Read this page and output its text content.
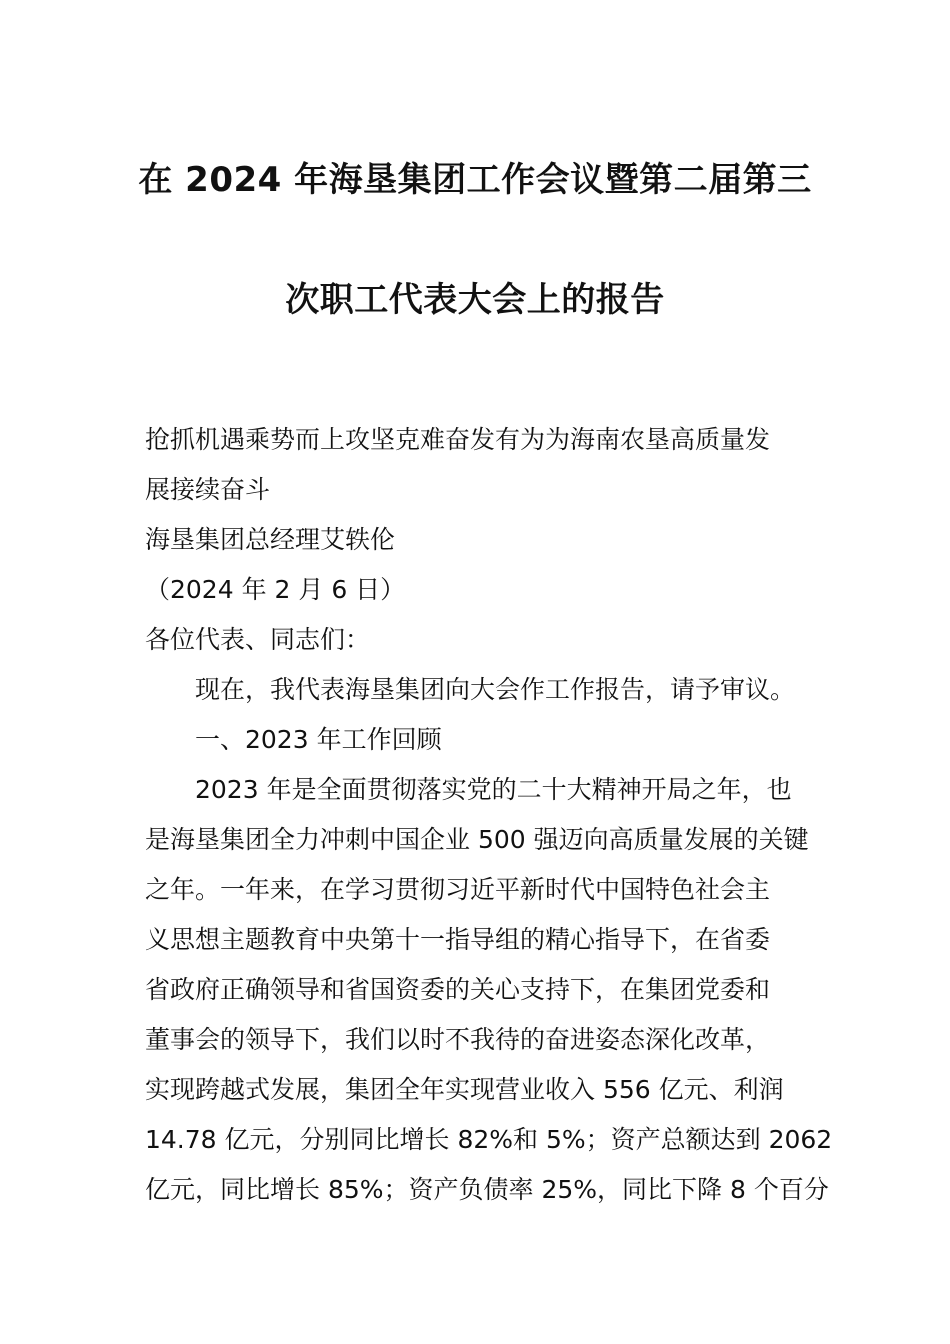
在 2024 年海垦集团工作会议暨第二届第三
次职工代表大会上的报告
抢抓机遇乘势而上攻坚克难奋发有为为海南农垦高质量发
展接续奋斗
海垦集团总经理艾轶伦
（2024 年 2 月 6 日）
各位代表、同志们：
现在，我代表海垦集团向大会作工作报告，请予审议。
一、2023 年工作回顾
2023 年是全面贯彻落实党的二十大精神开局之年，也
是海垦集团全力冲刺中国企业 500 强迈向高质量发展的关键
之年。一年来，在学习贯彻习近平新时代中国特色社会主
义思想主题教育中央第十一指导组的精心指导下，在省委
省政府正确领导和省国资委的关心支持下，在集团党委和
董事会的领导下，我们以时不我待的奋进姿态深化改革，
实现跨越式发展，集团全年实现营业收入 556 亿元、利润
14.78 亿元，分别同比增长 82%和 5%；资产总额达到 2062
亿元，同比增长 85%；资产负债率 25%，同比下降 8 个百分
